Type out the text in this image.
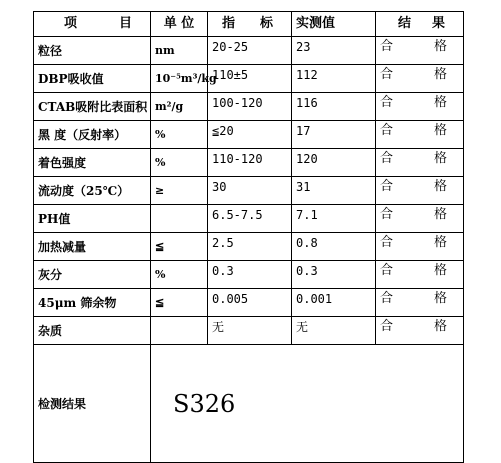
项 目	单 位	指 标	实测值	结 果

粒径	nm	20-25	23	合 格

DBP吸收值	10⁻⁵m³/kg	110±5	112	合 格

CTAB吸附比表面积	m²/g	100-120	116	合 格

黑 度（反射率）	%	≦20	17	合 格

着色强度	%	110-120	120	合 格

流动度（25℃）	≥	30	31	合 格

PH值		6.5-7.5	7.1	合 格

加热减量	≦	2.5	0.8	合 格

灰分	%	0.3	0.3	合 格

45μm 筛余物	≦	0.005	0.001	合 格

杂质		无	无	合 格

检测结果	S326			
